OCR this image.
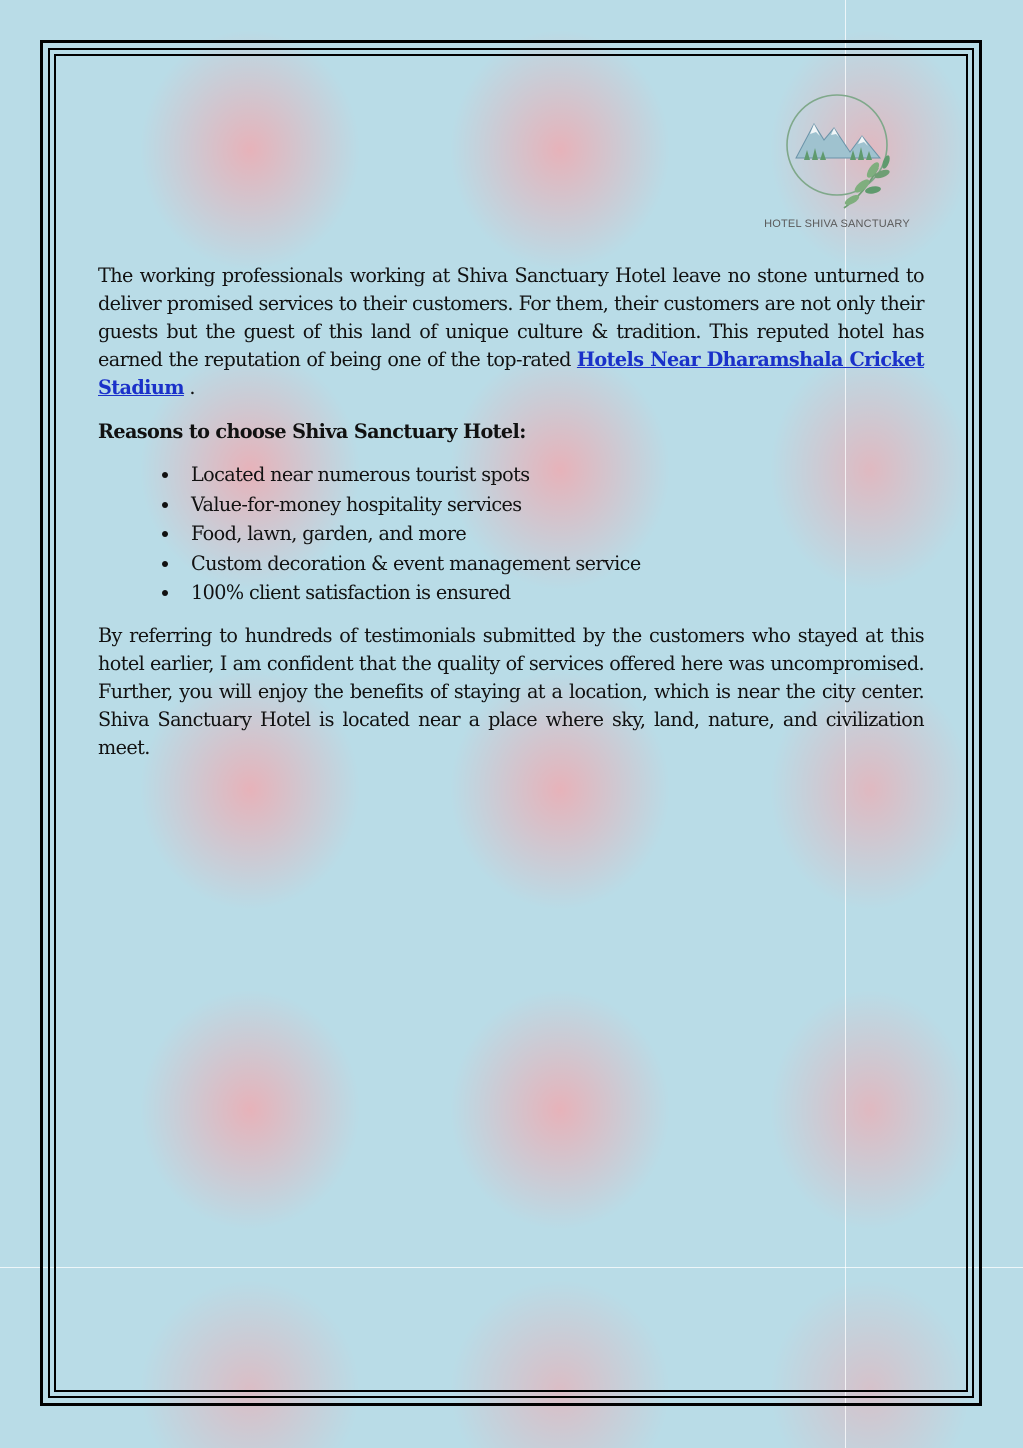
HOTEL SHIVA SANCTUARY

The working professionals working at Shiva Sanctuary Hotel leave no stone unturned to deliver promised services to their customers. For them, their customers are not only their guests but the guest of this land of unique culture & tradition. This reputed hotel has earned the reputation of being one of the top-rated Hotels Near Dharamshala Cricket Stadium .

Reasons to choose Shiva Sanctuary Hotel:
Located near numerous tourist spots
Value-for-money hospitality services
Food, lawn, garden, and more
Custom decoration & event management service
100% client satisfaction is ensured

By referring to hundreds of testimonials submitted by the customers who stayed at this hotel earlier, I am confident that the quality of services offered here was uncompromised. Further, you will enjoy the benefits of staying at a location, which is near the city center. Shiva Sanctuary Hotel is located near a place where sky, land, nature, and civilization meet.
